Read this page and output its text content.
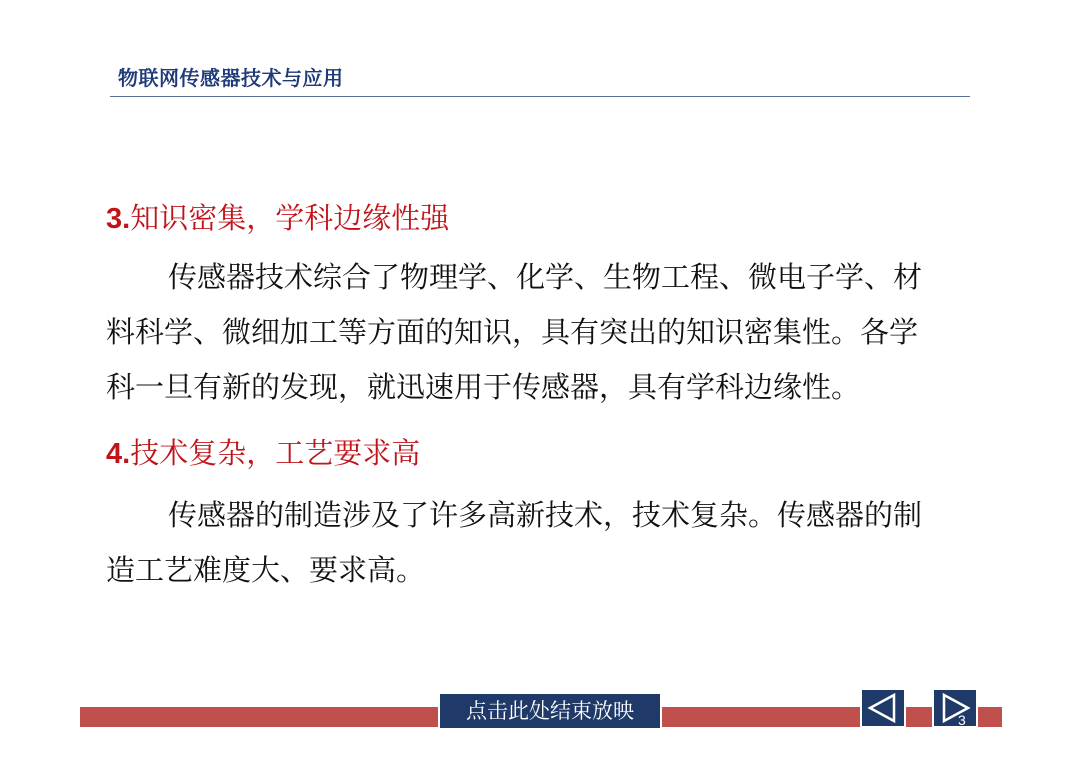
物联网传感器技术与应用
3.知识密集，学科边缘性强
传感器技术综合了物理学、化学、生物工程、微电子学、材
料科学、微细加工等方面的知识，具有突出的知识密集性。各学
科一旦有新的发现，就迅速用于传感器，具有学科边缘性。
4.技术复杂，工艺要求高
传感器的制造涉及了许多高新技术，技术复杂。传感器的制
造工艺难度大、要求高。
点击此处结束放映	3
